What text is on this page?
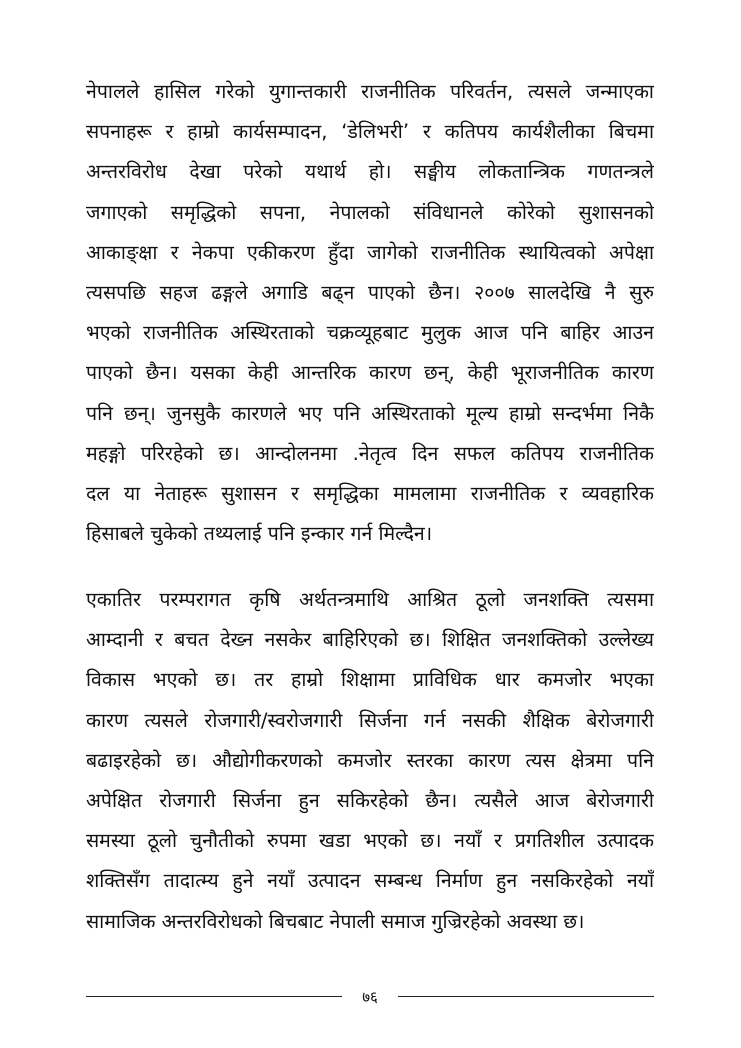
नेपालले हासिल गरेको युगान्तकारी राजनीतिक परिवर्तन, त्यसले जन्माएका
सपनाहरू र हाम्रो कार्यसम्पादन, ‘डेलिभरी’ र कतिपय कार्यशैलीका बिचमा
अन्तरविरोध देखा परेको यथार्थ हो। सङ्घीय लोकतान्त्रिक गणतन्त्रले
जगाएको समृद्धिको सपना, नेपालको संविधानले कोरेको सुशासनको
आकाङ्क्षा र नेकपा एकीकरण हुँदा जागेको राजनीतिक स्थायित्वको अपेक्षा
त्यसपछि सहज ढङ्गले अगाडि बढ्न पाएको छैन। २००७ सालदेखि नै सुरु
भएको राजनीतिक अस्थिरताको चक्रव्यूहबाट मुलुक आज पनि बाहिर आउन
पाएको छैन। यसका केही आन्तरिक कारण छन्, केही भूराजनीतिक कारण
पनि छन्। जुनसुकै कारणले भए पनि अस्थिरताको मूल्य हाम्रो सन्दर्भमा निकै
महङ्गो परिरहेको छ। आन्दोलनमा .नेतृत्व दिन सफल कतिपय राजनीतिक
दल या नेताहरू सुशासन र समृद्धिका मामलामा राजनीतिक र व्यवहारिक
हिसाबले चुकेको तथ्यलाई पनि इन्कार गर्न मिल्दैन।
एकातिर परम्परागत कृषि अर्थतन्त्रमाथि आश्रित ठूलो जनशक्ति त्यसमा
आम्दानी र बचत देख्न नसकेर बाहिरिएको छ। शिक्षित जनशक्तिको उल्लेख्य
विकास भएको छ। तर हाम्रो शिक्षामा प्राविधिक धार कमजोर भएका
कारण त्यसले रोजगारी/स्वरोजगारी सिर्जना गर्न नसकी शैक्षिक बेरोजगारी
बढाइरहेको छ। औद्योगीकरणको कमजोर स्तरका कारण त्यस क्षेत्रमा पनि
अपेक्षित रोजगारी सिर्जना हुन सकिरहेको छैन। त्यसैले आज बेरोजगारी
समस्या ठूलो चुनौतीको रुपमा खडा भएको छ। नयाँ र प्रगतिशील उत्पादक
शक्तिसँग तादात्म्य हुने नयाँ उत्पादन सम्बन्ध निर्माण हुन नसकिरहेको नयाँ
सामाजिक अन्तरविरोधको बिचबाट नेपाली समाज गुज्रिरहेको अवस्था छ।
७६
